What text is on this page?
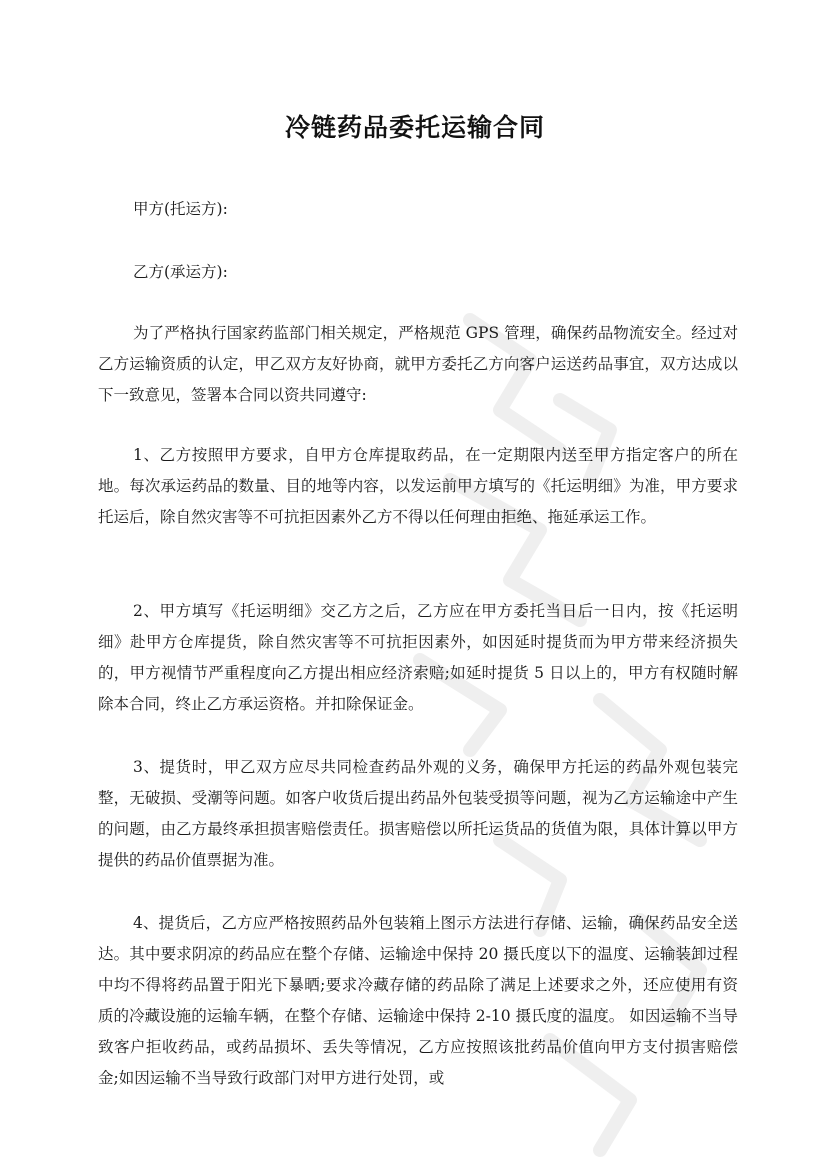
冷链药品委托运输合同
甲方(托运方):
乙方(承运方):

为了严格执行国家药监部门相关规定，严格规范 GPS 管理，确保药品物流安全。经过对乙方运输资质的认定，甲乙双方友好协商，就甲方委托乙方向客户运送药品事宜，双方达成以下一致意见，签署本合同以资共同遵守:

1、乙方按照甲方要求，自甲方仓库提取药品，在一定期限内送至甲方指定客户的所在地。每次承运药品的数量、目的地等内容，以发运前甲方填写的《托运明细》为准，甲方要求托运后，除自然灾害等不可抗拒因素外乙方不得以任何理由拒绝、拖延承运工作。

2、甲方填写《托运明细》交乙方之后，乙方应在甲方委托当日后一日内，按《托运明细》赴甲方仓库提货，除自然灾害等不可抗拒因素外，如因延时提货而为甲方带来经济损失的，甲方视情节严重程度向乙方提出相应经济索赔;如延时提货 5 日以上的，甲方有权随时解除本合同，终止乙方承运资格。并扣除保证金。

3、提货时，甲乙双方应尽共同检查药品外观的义务，确保甲方托运的药品外观包装完整，无破损、受潮等问题。如客户收货后提出药品外包装受损等问题，视为乙方运输途中产生的问题，由乙方最终承担损害赔偿责任。损害赔偿以所托运货品的货值为限，具体计算以甲方提供的药品价值票据为准。

4、提货后，乙方应严格按照药品外包装箱上图示方法进行存储、运输，确保药品安全送达。其中要求阴凉的药品应在整个存储、运输途中保持 20 摄氏度以下的温度、运输装卸过程中均不得将药品置于阳光下暴晒;要求冷藏存储的药品除了满足上述要求之外，还应使用有资质的冷藏设施的运输车辆，在整个存储、运输途中保持 2-10 摄氏度的温度。 如因运输不当导致客户拒收药品，或药品损坏、丢失等情况，乙方应按照该批药品价值向甲方支付损害赔偿金;如因运输不当导致行政部门对甲方进行处罚，或
